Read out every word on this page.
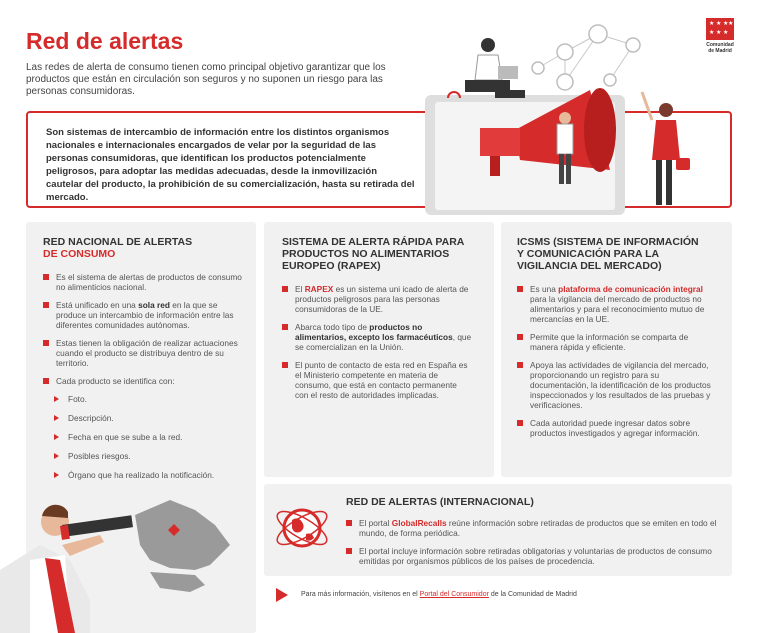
Red de alertas
Las redes de alerta de consumo tienen como principal objetivo garantizar que los productos que están en circulación son seguros y no suponen un riesgo para las personas consumidoras.
★ ★ ★ ★
★ ★ ★
Comunidad
de Madrid

Son sistemas de intercambio de información entre los distintos organismos nacionales e internacionales encargados de velar por la seguridad de las personas consumidoras, que identifican los productos potencialmente peligrosos, para adoptar las medidas adecuadas, desde la inmovilización cautelar del producto, la prohibición de su comercialización, hasta su retirada del mercado.

RED NACIONAL DE ALERTAS
DE CONSUMO
Es el sistema de alertas de productos de consumo no alimenticios nacional.
Está unificado en una sola red en la que se produce un intercambio de información entre las diferentes comunidades autónomas.
Estas tienen la obligación de realizar actuaciones cuando el producto se distribuya dentro de su territorio.
Cada producto se identifica con:
Foto.
Descripción.
Fecha en que se sube a la red.
Posibles riesgos.
Órgano que ha realizado la notificación.
SISTEMA DE ALERTA RÁPIDA PARA
PRODUCTOS NO ALIMENTARIOS
EUROPEO (RAPEX)
El RAPEX es un sistema uni icado de alerta de productos peligrosos para las personas consumidoras de la UE.
Abarca todo tipo de productos no alimentarios, excepto los farmacéuticos, que se comercializan en la Unión.
El punto de contacto de esta red en España es el Ministerio competente en materia de consumo, que está en contacto permanente con el resto de autoridades implicadas.
ICSMS (SISTEMA DE INFORMACIÓN
Y COMUNICACIÓN PARA LA
VIGILANCIA DEL MERCADO)
Es una plataforma de comunicación integral para la vigilancia del mercado de productos no alimentarios y para el reconocimiento mutuo de mercancías en la UE.
Permite que la información se comparta de manera rápida y eficiente.
Apoya las actividades de vigilancia del mercado, proporcionando un registro para su documentación, la identificación de los productos inspeccionados y los resultados de las pruebas y verificaciones.
Cada autoridad puede ingresar datos sobre productos investigados y agregar información.
RED DE ALERTAS (INTERNACIONAL)
El portal GlobalRecalls reúne información sobre retiradas de productos que se emiten en todo el mundo, de forma periódica.
El portal incluye información sobre retiradas obligatorias y voluntarias de productos de consumo emitidas por organismos públicos de los países de procedencia.
Para más información, visítenos en el Portal del Consumidor de la Comunidad de Madrid
